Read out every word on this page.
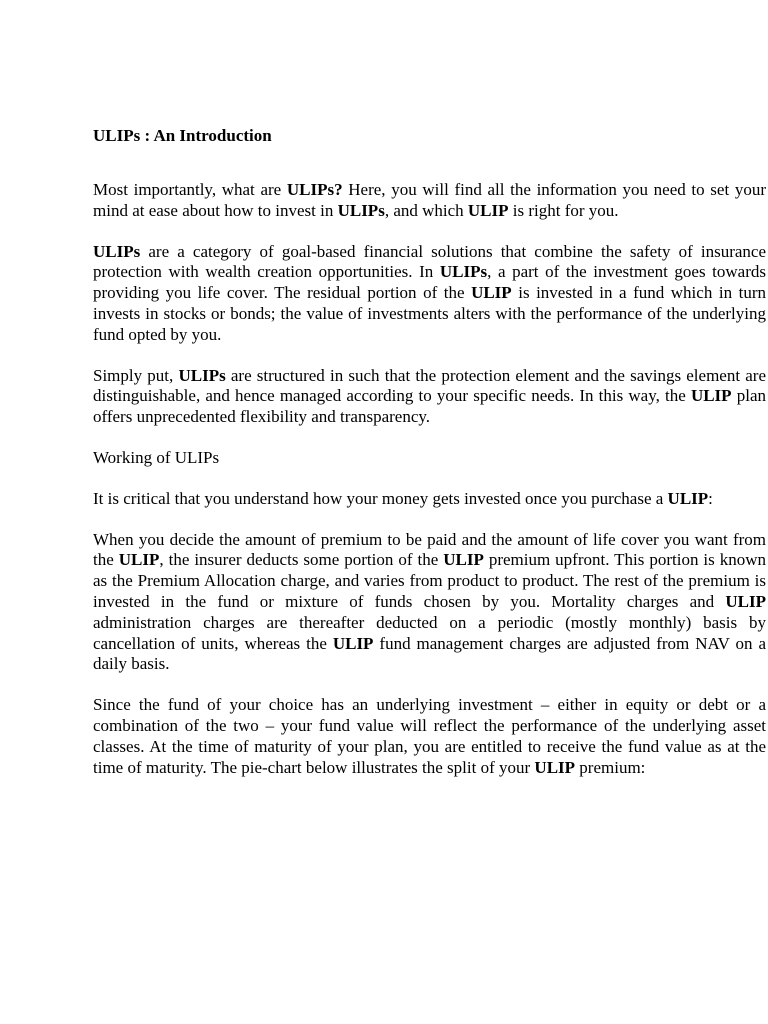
ULIPs : An Introduction

Most importantly, what are ULIPs? Here, you will find all the information you need to set your mind at ease about how to invest in ULIPs, and which ULIP is right for you.

ULIPs are a category of goal-based financial solutions that combine the safety of insurance protection with wealth creation opportunities. In ULIPs, a part of the investment goes towards providing you life cover. The residual portion of the ULIP is invested in a fund which in turn invests in stocks or bonds; the value of investments alters with the performance of the underlying fund opted by you.

Simply put, ULIPs are structured in such that the protection element and the savings element are distinguishable, and hence managed according to your specific needs. In this way, the ULIP plan offers unprecedented flexibility and transparency.

Working of ULIPs

It is critical that you understand how your money gets invested once you purchase a ULIP:

When you decide the amount of premium to be paid and the amount of life cover you want from the ULIP, the insurer deducts some portion of the ULIP premium upfront. This portion is known as the Premium Allocation charge, and varies from product to product. The rest of the premium is invested in the fund or mixture of funds chosen by you. Mortality charges and ULIP administration charges are thereafter deducted on a periodic (mostly monthly) basis by cancellation of units, whereas the ULIP fund management charges are adjusted from NAV on a daily basis.

Since the fund of your choice has an underlying investment – either in equity or debt or a combination of the two – your fund value will reflect the performance of the underlying asset classes. At the time of maturity of your plan, you are entitled to receive the fund value as at the time of maturity. The pie-chart below illustrates the split of your ULIP premium:
